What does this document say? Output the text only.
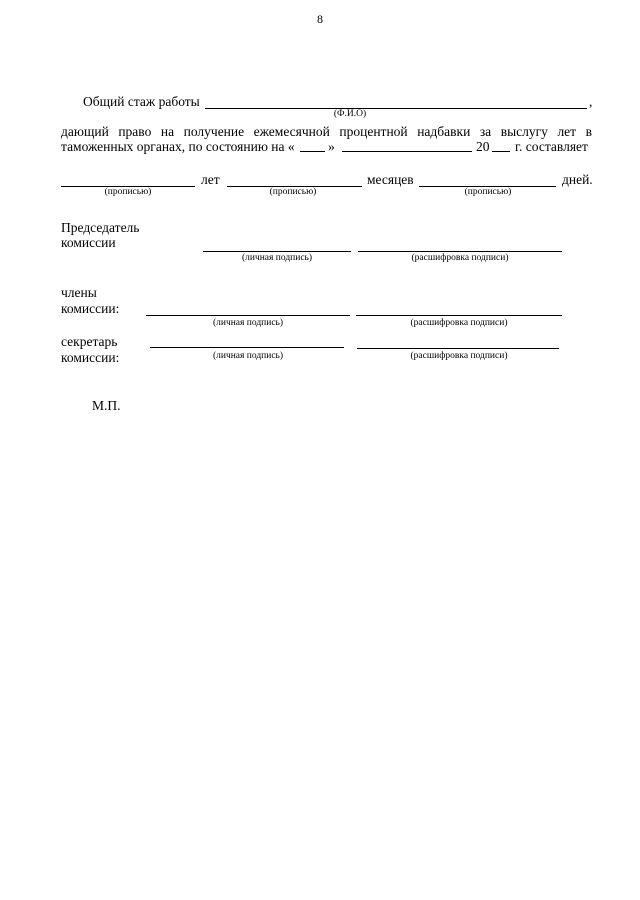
8
Общий стаж работы	,
(Ф.И.О)
дающий право на получение ежемесячной процентной надбавки за выслугу лет в
таможенных органах, по состоянию на « »	20 г. составляет
лет	месяцев	дней.
(прописью)	(прописью)	(прописью)
Председатель
комиссии
(личная подпись)	(расшифровка подписи)
члены
комиссии:
(личная подпись)	(расшифровка подписи)
секретарь
комиссии:	(личная подпись)	(расшифровка подписи)
М.П.
